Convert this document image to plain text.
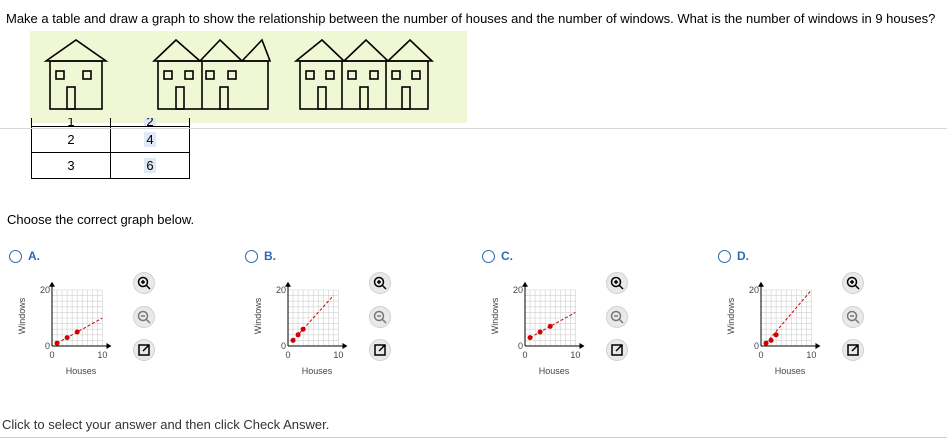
Make a table and draw a graph to show the relationship between the number of houses and the number of windows. What is the number of windows in 9 houses?
1	2
2	4
3	6
Choose the correct graph below.
A.
20
0
0	10
Houses
Windows
B.
20
0
0	10
Houses
Windows
C.
20
0
0	10
Houses
Windows
D.
20
0
0	10
Houses
Windows
Click to select your answer and then click Check Answer.
